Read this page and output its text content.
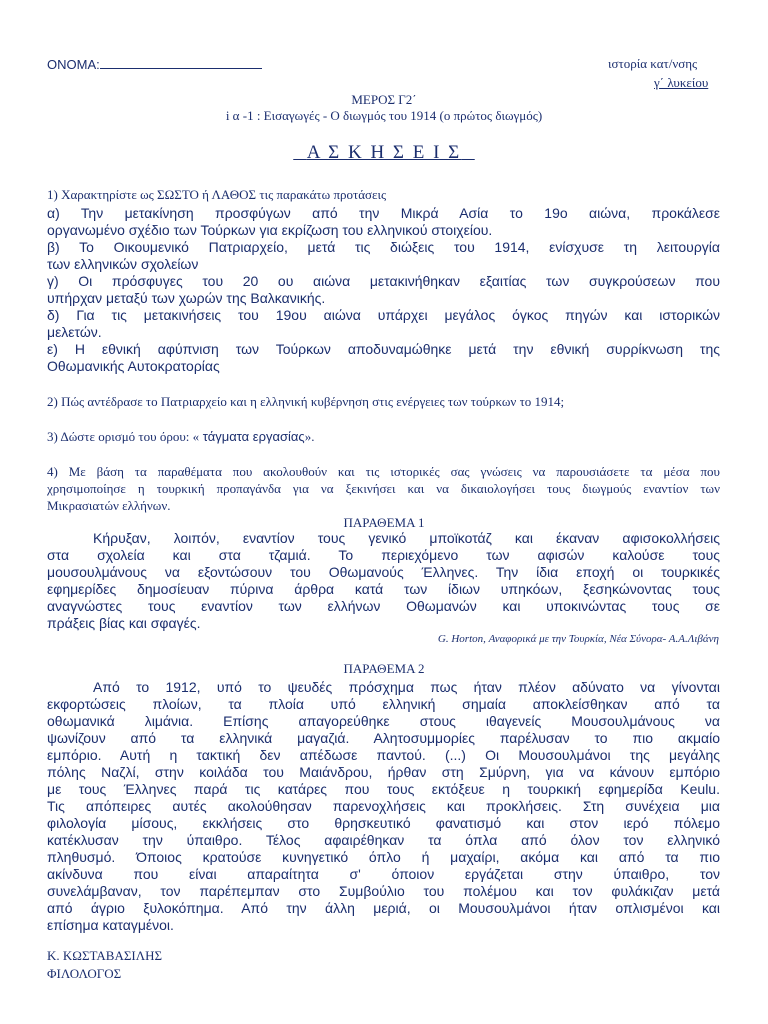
ΟΝΟΜΑ:	ιστορία κατ/νσης
γ΄ λυκείου
ΜΕΡΟΣ Γ2΄
i α -1 : Εισαγωγές - Ο διωγμός του 1914 (ο πρώτος διωγμός)
Α Σ Κ Η Σ Ε Ι Σ
1) Χαρακτηρίστε ως ΣΩΣΤΟ ή ΛΑΘΟΣ τις παρακάτω προτάσεις
α) Την μετακίνηση προσφύγων από την Μικρά Ασία το 19ο αιώνα, προκάλεσε
οργανωμένο σχέδιο των Τούρκων για εκρίζωση του ελληνικού στοιχείου.
β) Το Οικουμενικό Πατριαρχείο, μετά τις διώξεις του 1914, ενίσχυσε τη λειτουργία
των ελληνικών σχολείων
γ) Οι πρόσφυγες του 20 ου αιώνα μετακινήθηκαν εξαιτίας των συγκρούσεων που
υπήρχαν μεταξύ των χωρών της Βαλκανικής.
δ) Για τις μετακινήσεις του 19ου αιώνα υπάρχει μεγάλος όγκος πηγών και ιστορικών
μελετών.
ε) Η εθνική αφύπνιση των Τούρκων αποδυναμώθηκε μετά την εθνική συρρίκνωση της
Οθωμανικής Αυτοκρατορίας
2) Πώς αντέδρασε το Πατριαρχείο και η ελληνική κυβέρνηση στις ενέργειες των τούρκων το 1914;
3) Δώστε ορισμό του όρου: « τάγματα εργασίας».
4) Με βάση τα παραθέματα που ακολουθούν και τις ιστορικές σας γνώσεις να παρουσιάσετε τα μέσα που
χρησιμοποίησε η τουρκική προπαγάνδα για να ξεκινήσει και να δικαιολογήσει τους διωγμούς εναντίον των
Μικρασιατών ελλήνων.
ΠΑΡΑΘΕΜΑ 1
Κήρυξαν, λοιπόν, εναντίον τους γενικό μποϊκοτάζ και έκαναν αφισοκολλήσεις
στα σχολεία και στα τζαμιά. Το περιεχόμενο των αφισών καλούσε τους
μουσουλμάνους να εξοντώσουν του Οθωμανούς Έλληνες. Την ίδια εποχή οι τουρκικές
εφημερίδες δημοσίευαν πύρινα άρθρα κατά των ίδιων υπηκόων, ξεσηκώνοντας τους
αναγνώστες τους εναντίον των ελλήνων Οθωμανών και υποκινώντας τους σε
πράξεις βίας και σφαγές.
G. Horton, Αναφορικά με την Τουρκία, Νέα Σύνορα- Α.Α.Λιβάνη
ΠΑΡΑΘΕΜΑ 2
Από το 1912, υπό το ψευδές πρόσχημα πως ήταν πλέον αδύνατο να γίνονται
εκφορτώσεις πλοίων, τα πλοία υπό ελληνική σημαία αποκλείσθηκαν από τα
οθωμανικά λιμάνια. Επίσης απαγορεύθηκε στους ιθαγενείς Μουσουλμάνους να
ψωνίζουν από τα ελληνικά μαγαζιά. Αλητοσυμμορίες παρέλυσαν το πιο ακμαίο
εμπόριο. Αυτή η τακτική δεν απέδωσε παντού. (...) Οι Μουσουλμάνοι της μεγάλης
πόλης Ναζλί, στην κοιλάδα του Μαιάνδρου, ήρθαν στη Σμύρνη, για να κάνουν εμπόριο
με τους Έλληνες παρά τις κατάρες που τους εκτόξευε η τουρκική εφημερίδα Keulu.
Τις απόπειρες αυτές ακολούθησαν παρενοχλήσεις και προκλήσεις. Στη συνέχεια μια
φιλολογία μίσους, εκκλήσεις στο θρησκευτικό φανατισμό και στον ιερό πόλεμο
κατέκλυσαν την ύπαιθρο. Τέλος αφαιρέθηκαν τα όπλα από όλον τον ελληνικό
πληθυσμό. Όποιος κρατούσε κυνηγετικό όπλο ή μαχαίρι, ακόμα και από τα πιο
ακίνδυνα που είναι απαραίτητα σ' όποιον εργάζεται στην ύπαιθρο, τον
συνελάμβαναν, τον παρέπεμπαν στο Συμβούλιο του πολέμου και τον φυλάκιζαν μετά
από άγριο ξυλοκόπημα. Από την άλλη μεριά, οι Μουσουλμάνοι ήταν οπλισμένοι και
επίσημα καταγμένοι.
Κ. ΚΩΣΤΑΒΑΣΙΛΗΣ
ΦΙΛΟΛΟΓΟΣ
